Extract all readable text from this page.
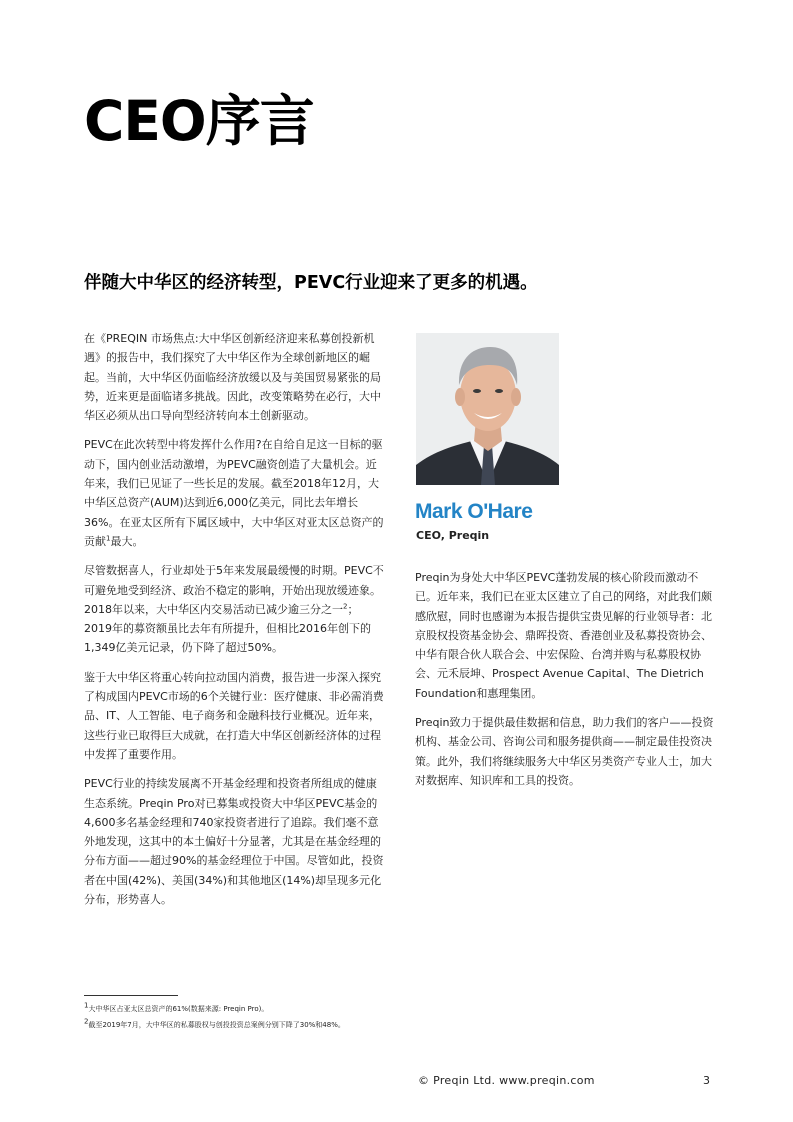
CEO序言
伴随大中华区的经济转型，PEVC行业迎来了更多的机遇。

在《PREQIN 市场焦点:大中华区创新经济迎来私募创投新机遇》的报告中，我们探究了大中华区作为全球创新地区的崛起。当前，大中华区仍面临经济放缓以及与美国贸易紧张的局势，近来更是面临诸多挑战。因此，改变策略势在必行，大中华区必须从出口导向型经济转向本土创新驱动。

PEVC在此次转型中将发挥什么作用?在自给自足这一目标的驱动下，国内创业活动激增，为PEVC融资创造了大量机会。近年来，我们已见证了一些长足的发展。截至2018年12月，大中华区总资产(AUM)达到近6,000亿美元，同比去年增长36%。在亚太区所有下属区域中，大中华区对亚太区总资产的贡献$^1$最大。

尽管数据喜人，行业却处于5年来发展最缓慢的时期。PEVC不可避免地受到经济、政治不稳定的影响，开始出现放缓迹象。2018年以来，大中华区内交易活动已减少逾三分之一$^2$；2019年的募资额虽比去年有所提升，但相比2016年创下的1,349亿美元记录，仍下降了超过50%。

鉴于大中华区将重心转向拉动国内消费，报告进一步深入探究了构成国内PEVC市场的6个关键行业：医疗健康、非必需消费品、IT、人工智能、电子商务和金融科技行业概况。近年来，这些行业已取得巨大成就，在打造大中华区创新经济体的过程中发挥了重要作用。

PEVC行业的持续发展离不开基金经理和投资者所组成的健康生态系统。Preqin Pro对已募集或投资大中华区PEVC基金的4,600多名基金经理和740家投资者进行了追踪。我们毫不意外地发现，这其中的本土偏好十分显著，尤其是在基金经理的分布方面——超过90%的基金经理位于中国。尽管如此，投资者在中国(42%)、美国(34%)和其他地区(14%)却呈现多元化分布，形势喜人。

Mark O'Hare
CEO, Preqin

Preqin为身处大中华区PEVC蓬勃发展的核心阶段而激动不已。近年来，我们已在亚太区建立了自己的网络，对此我们颇感欣慰，同时也感谢为本报告提供宝贵见解的行业领导者：北京股权投资基金协会、鼎晖投资、香港创业及私募投资协会、中华有限合伙人联合会、中宏保险、台湾并购与私募股权协会、元禾辰坤、Prospect Avenue Capital、The Dietrich Foundation和惠理集团。

Preqin致力于提供最佳数据和信息，助力我们的客户——投资机构、基金公司、咨询公司和服务提供商——制定最佳投资决策。此外，我们将继续服务大中华区另类资产专业人士，加大对数据库、知识库和工具的投资。

$^1$大中华区占亚太区总资产的61%(数据来源: Preqin Pro)。

$^2$截至2019年7月，大中华区的私募股权与创投投资总案例分别下降了30%和48%。

© Preqin Ltd. www.preqin.com	3
